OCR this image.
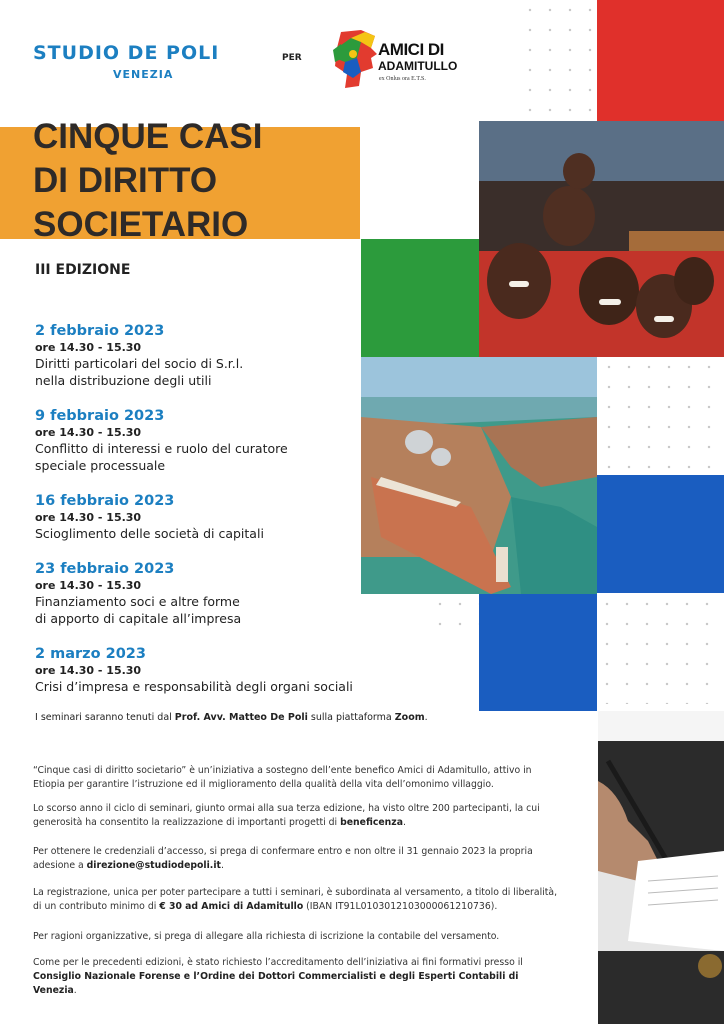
STUDIO DE POLI
VENEZIA
PER	AMICI DI
ADAMITULLO
ex Onlus ora E.T.S.
CINQUE CASI
DI DIRITTO
SOCIETARIO
III EDIZIONE
2 febbraio 2023
ore 14.30 - 15.30
Diritti particolari del socio di S.r.l.
nella distribuzione degli utili
9 febbraio 2023
ore 14.30 - 15.30
Conflitto di interessi e ruolo del curatore
speciale processuale
16 febbraio 2023
ore 14.30 - 15.30
Scioglimento delle società di capitali
23 febbraio 2023
ore 14.30 - 15.30
Finanziamento soci e altre forme
di apporto di capitale all’impresa
2 marzo 2023
ore 14.30 - 15.30
Crisi d’impresa e responsabilità degli organi sociali
I seminari saranno tenuti dal Prof. Avv. Matteo De Poli sulla piattaforma Zoom.
“Cinque casi di diritto societario” è un’iniziativa a sostegno dell’ente benefico Amici di Adamitullo, attivo in Etiopia per garantire l’istruzione ed il miglioramento della qualità della vita dell’omonimo villaggio.
Lo scorso anno il ciclo di seminari, giunto ormai alla sua terza edizione, ha visto oltre 200 partecipanti, la cui generosità ha consentito la realizzazione di importanti progetti di beneficenza.
Per ottenere le credenziali d’accesso, si prega di confermare entro e non oltre il 31 gennaio 2023 la propria adesione a direzione@studiodepoli.it.
La registrazione, unica per poter partecipare a tutti i seminari, è subordinata al versamento, a titolo di liberalità, di un contributo minimo di € 30 ad Amici di Adamitullo (IBAN IT91L0103012103000061210736).
Per ragioni organizzative, si prega di allegare alla richiesta di iscrizione la contabile del versamento.
Come per le precedenti edizioni, è stato richiesto l’accreditamento dell’iniziativa ai fini formativi presso il Consiglio Nazionale Forense e l’Ordine dei Dottori Commercialisti e degli Esperti Contabili di Venezia.
